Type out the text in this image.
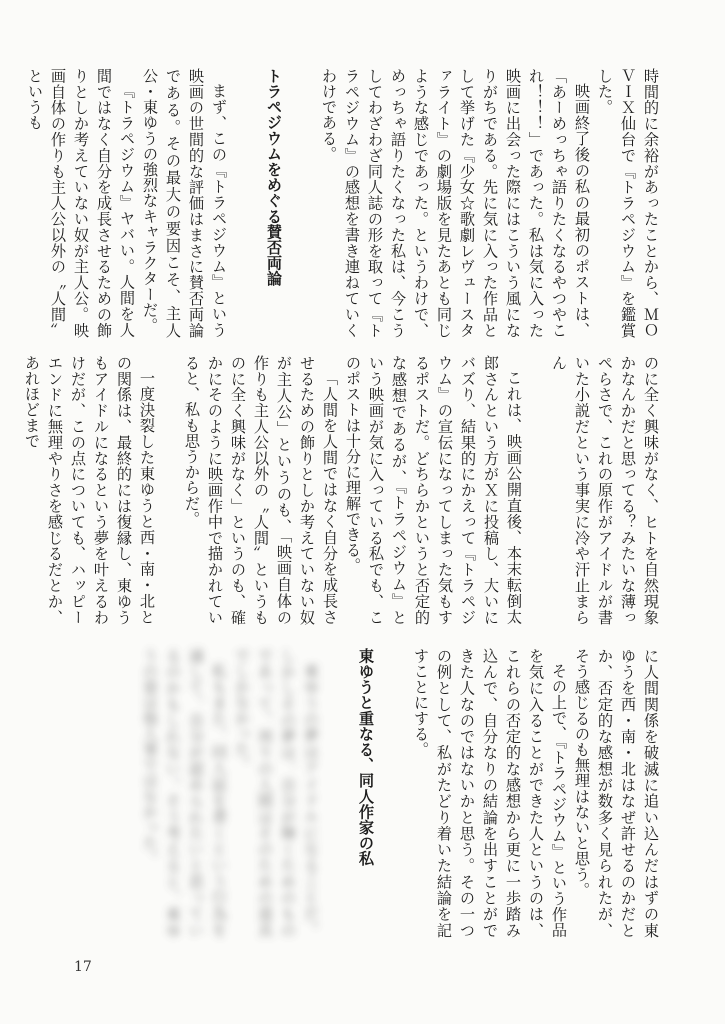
時間的に余裕があったことから、ＭＯＶＩＸ仙台で『トラペジウム』を鑑賞した。
映画終了後の私の最初のポストは、「あーめっちゃ語りたくなるやつやこれ！！！」であった。私は気に入った映画に出会った際にはこういう風になりがちである。先に気に入った作品として挙げた『少女☆歌劇レヴュースタァライト』の劇場版を見たあとも同じような感じであった。というわけで、めっちゃ語りたくなった私は、今こうしてわざわざ同人誌の形を取って『トラペジウム』の感想を書き連ねていくわけである。
トラペジウムをめぐる賛否両論
まず、この『トラペジウム』という映画の世間的な評価はまさに賛否両論である。その最大の要因こそ、主人公・東ゆうの強烈なキャラクターだ。
『トラペジウム』ヤバい。人間を人間ではなく自分を成長させるための飾りとしか考えていない奴が主人公。映画自体の作りも主人公以外の〝人間〟というも
のに全く興味がなく、ヒトを自然現象かなんかだと思ってる？みたいな薄っぺらさで、これの原作がアイドルが書いた小説だという事実に冷や汗止まらん
これは、映画公開直後、本末転倒太郎さんという方がＸに投稿し、大いにバズり、結果的にかえって『トラペジウム』の宣伝になってしまった気もするポストだ。どちらかというと否定的な感想であるが、『トラペジウム』という映画が気に入っている私でも、このポストは十分に理解できる。
「人間を人間ではなく自分を成長させるための飾りとしか考えていない奴が主人公」というのも、「映画自体の作りも主人公以外の〝人間〟というものに全く興味がなく」というのも、確かにそのように映画作中で描かれていると、私も思うからだ。
一度決裂した東ゆうと西・南・北との関係は、最終的には復縁し、東ゆうもアイドルになるという夢を叶えるわけだが、この点についても、ハッピーエンドに無理やりさを感じるだとか、あれほどまで
に人間関係を破滅に追い込んだはずの東ゆうを西・南・北はなぜ許せるのかだとか、否定的な感想が数多く見られたが、そう感じるのも無理はないと思う。
その上で、『トラペジウム』という作品を気に入ることができた人というのは、これらの否定的な感想から更に一歩踏み込んで、自分なりの結論を出すことができた人なのではないかと思う。その一つの例として、私がたどり着いた結論を記すことにする。
東ゆうと重なる、同人作家の私
東ゆうの夢はアイドルになることだ。しかしその夢は、自分が輝くためのものであって、周りの人間はそのための道具でしかなかった。
私もまた、同人誌を書くという行為を通して、自分が認められたいと思っているのかもしれない。そう考えると、東ゆうの姿は他人事ではなかった。
17
